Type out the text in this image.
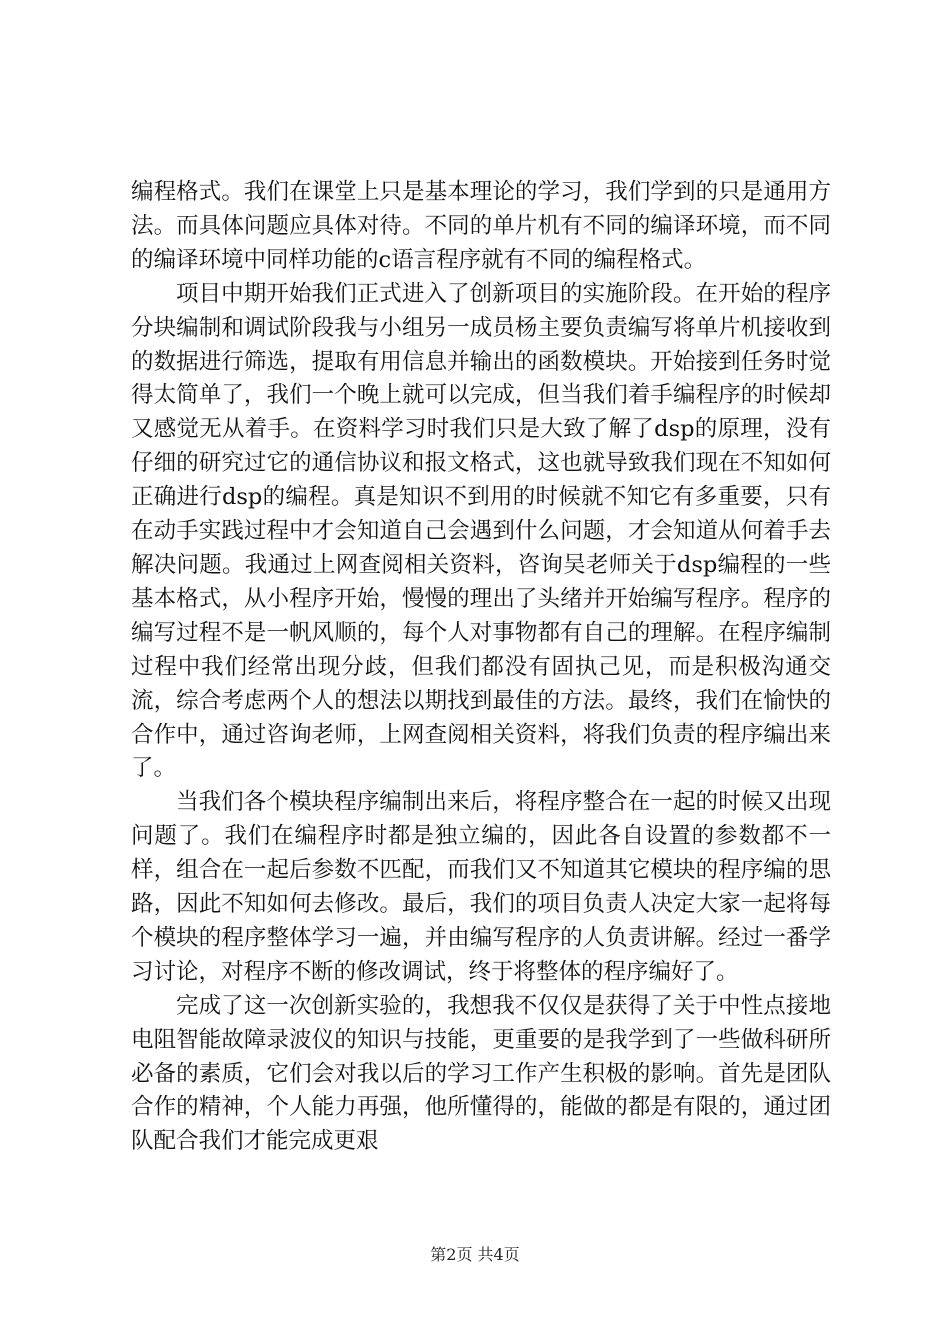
编程格式。我们在课堂上只是基本理论的学习，我们学到的只是通用方法。而具体问题应具体对待。不同的单片机有不同的编译环境，而不同的编译环境中同样功能的c语言程序就有不同的编程格式。

项目中期开始我们正式进入了创新项目的实施阶段。在开始的程序分块编制和调试阶段我与小组另一成员杨主要负责编写将单片机接收到的数据进行筛选，提取有用信息并输出的函数模块。开始接到任务时觉得太简单了，我们一个晚上就可以完成，但当我们着手编程序的时候却又感觉无从着手。在资料学习时我们只是大致了解了dsp的原理，没有仔细的研究过它的通信协议和报文格式，这也就导致我们现在不知如何正确进行dsp的编程。真是知识不到用的时候就不知它有多重要，只有在动手实践过程中才会知道自己会遇到什么问题，才会知道从何着手去解决问题。我通过上网查阅相关资料，咨询吴老师关于dsp编程的一些基本格式，从小程序开始，慢慢的理出了头绪并开始编写程序。程序的编写过程不是一帆风顺的，每个人对事物都有自己的理解。在程序编制过程中我们经常出现分歧，但我们都没有固执己见，而是积极沟通交流，综合考虑两个人的想法以期找到最佳的方法。最终，我们在愉快的合作中，通过咨询老师，上网查阅相关资料，将我们负责的程序编出来了。

当我们各个模块程序编制出来后，将程序整合在一起的时候又出现问题了。我们在编程序时都是独立编的，因此各自设置的参数都不一样，组合在一起后参数不匹配，而我们又不知道其它模块的程序编的思路，因此不知如何去修改。最后，我们的项目负责人决定大家一起将每个模块的程序整体学习一遍，并由编写程序的人负责讲解。经过一番学习讨论，对程序不断的修改调试，终于将整体的程序编好了。

完成了这一次创新实验的，我想我不仅仅是获得了关于中性点接地电阻智能故障录波仪的知识与技能，更重要的是我学到了一些做科研所必备的素质，它们会对我以后的学习工作产生积极的影响。首先是团队合作的精神，个人能力再强，他所懂得的，能做的都是有限的，通过团队配合我们才能完成更艰

第2页 共4页
